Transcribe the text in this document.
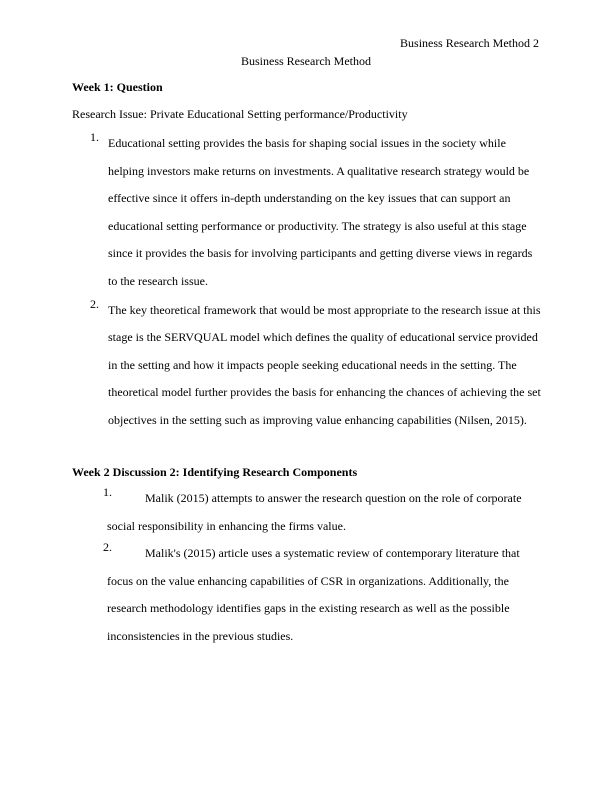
Business Research Method 2
Business Research Method
Week 1: Question
Research Issue: Private Educational Setting performance/Productivity
1. Educational setting provides the basis for shaping social issues in the society while helping investors make returns on investments. A qualitative research strategy would be effective since it offers in-depth understanding on the key issues that can support an educational setting performance or productivity. The strategy is also useful at this stage since it provides the basis for involving participants and getting diverse views in regards to the research issue.

2. The key theoretical framework that would be most appropriate to the research issue at this stage is the SERVQUAL model which defines the quality of educational service provided in the setting and how it impacts people seeking educational needs in the setting. The theoretical model further provides the basis for enhancing the chances of achieving the set objectives in the setting such as improving value enhancing capabilities (Nilsen, 2015).

Week 2 Discussion 2: Identifying Research Components
1.	Malik (2015) attempts to answer the research question on the role of corporate social responsibility in enhancing the firms value.

2.	Malik's (2015) article uses a systematic review of contemporary literature that focus on the value enhancing capabilities of CSR in organizations. Additionally, the research methodology identifies gaps in the existing research as well as the possible inconsistencies in the previous studies.
